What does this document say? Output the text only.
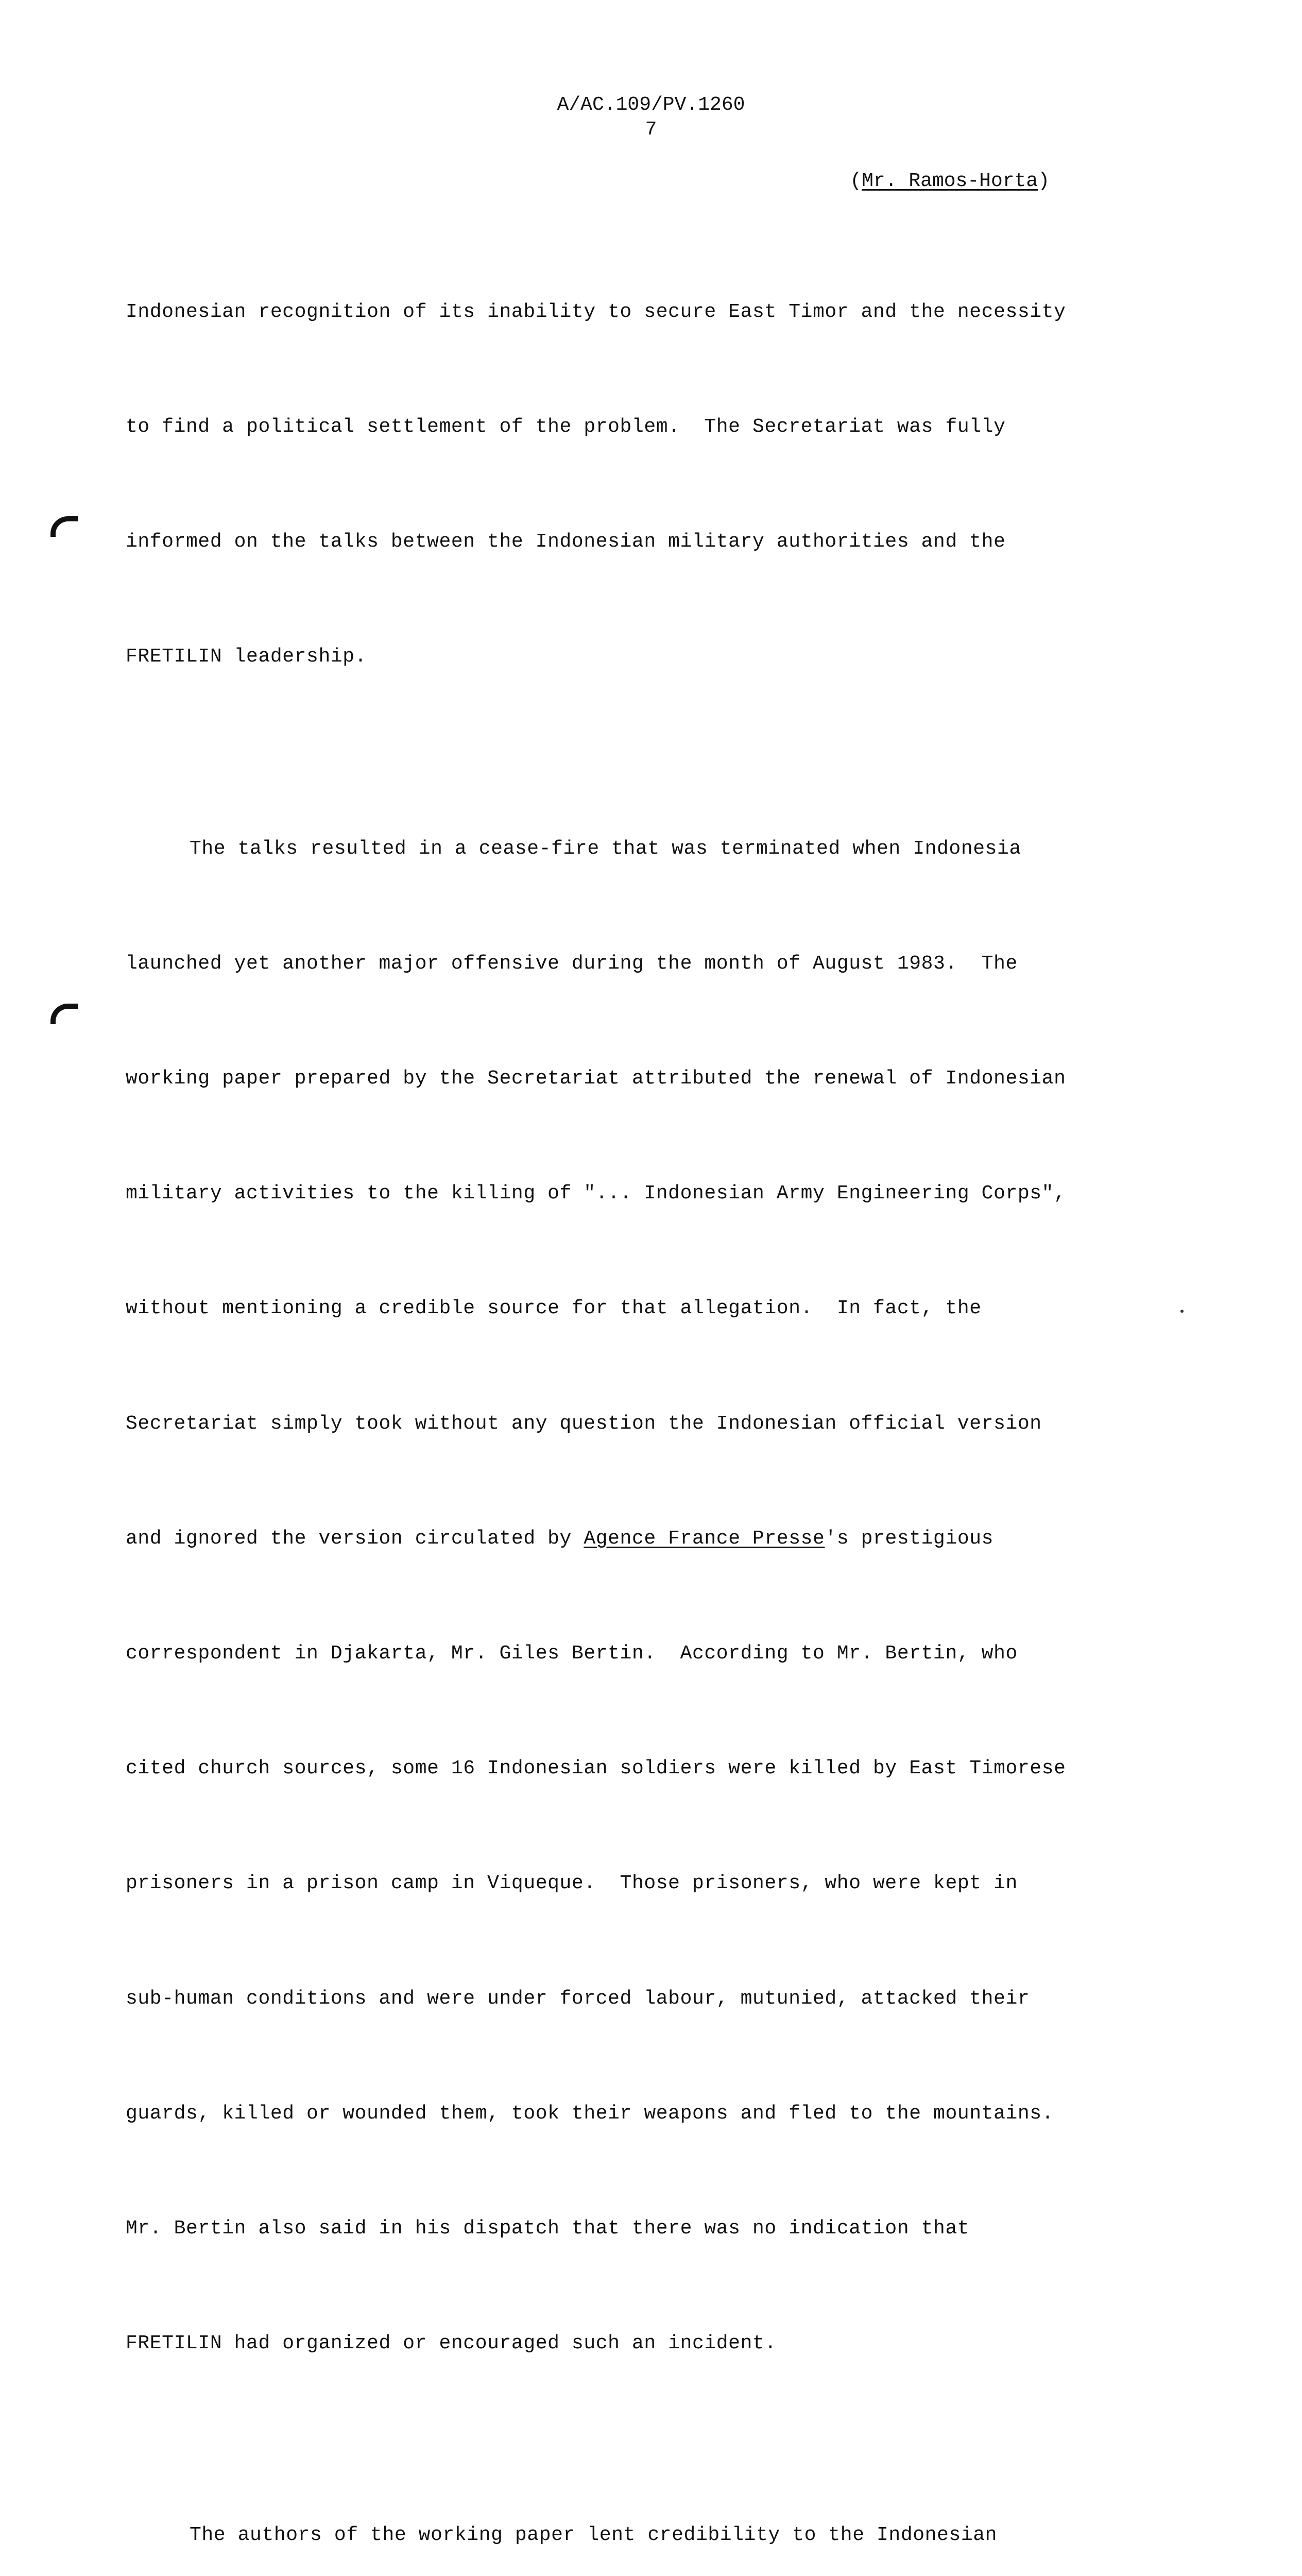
A/AC.109/PV.1260
7
(Mr. Ramos-Horta)

Indonesian recognition of its inability to secure East Timor and the necessity

to find a political settlement of the problem.  The Secretariat was fully

informed on the talks between the Indonesian military authorities and the

FRETILIN leadership.

The talks resulted in a cease-fire that was terminated when Indonesia

launched yet another major offensive during the month of August 1983.  The

working paper prepared by the Secretariat attributed the renewal of Indonesian

military activities to the killing of "... Indonesian Army Engineering Corps",

without mentioning a credible source for that allegation.  In fact, the

Secretariat simply took without any question the Indonesian official version

and ignored the version circulated by Agence France Presse's prestigious

correspondent in Djakarta, Mr. Giles Bertin.  According to Mr. Bertin, who

cited church sources, some 16 Indonesian soldiers were killed by East Timorese

prisoners in a prison camp in Viqueque.  Those prisoners, who were kept in

sub-human conditions and were under forced labour, mutunied, attacked their

guards, killed or wounded them, took their weapons and fled to the mountains.

Mr. Bertin also said in his dispatch that there was no indication that

FRETILIN had organized or encouraged such an incident.

The authors of the working paper lent credibility to the Indonesian
